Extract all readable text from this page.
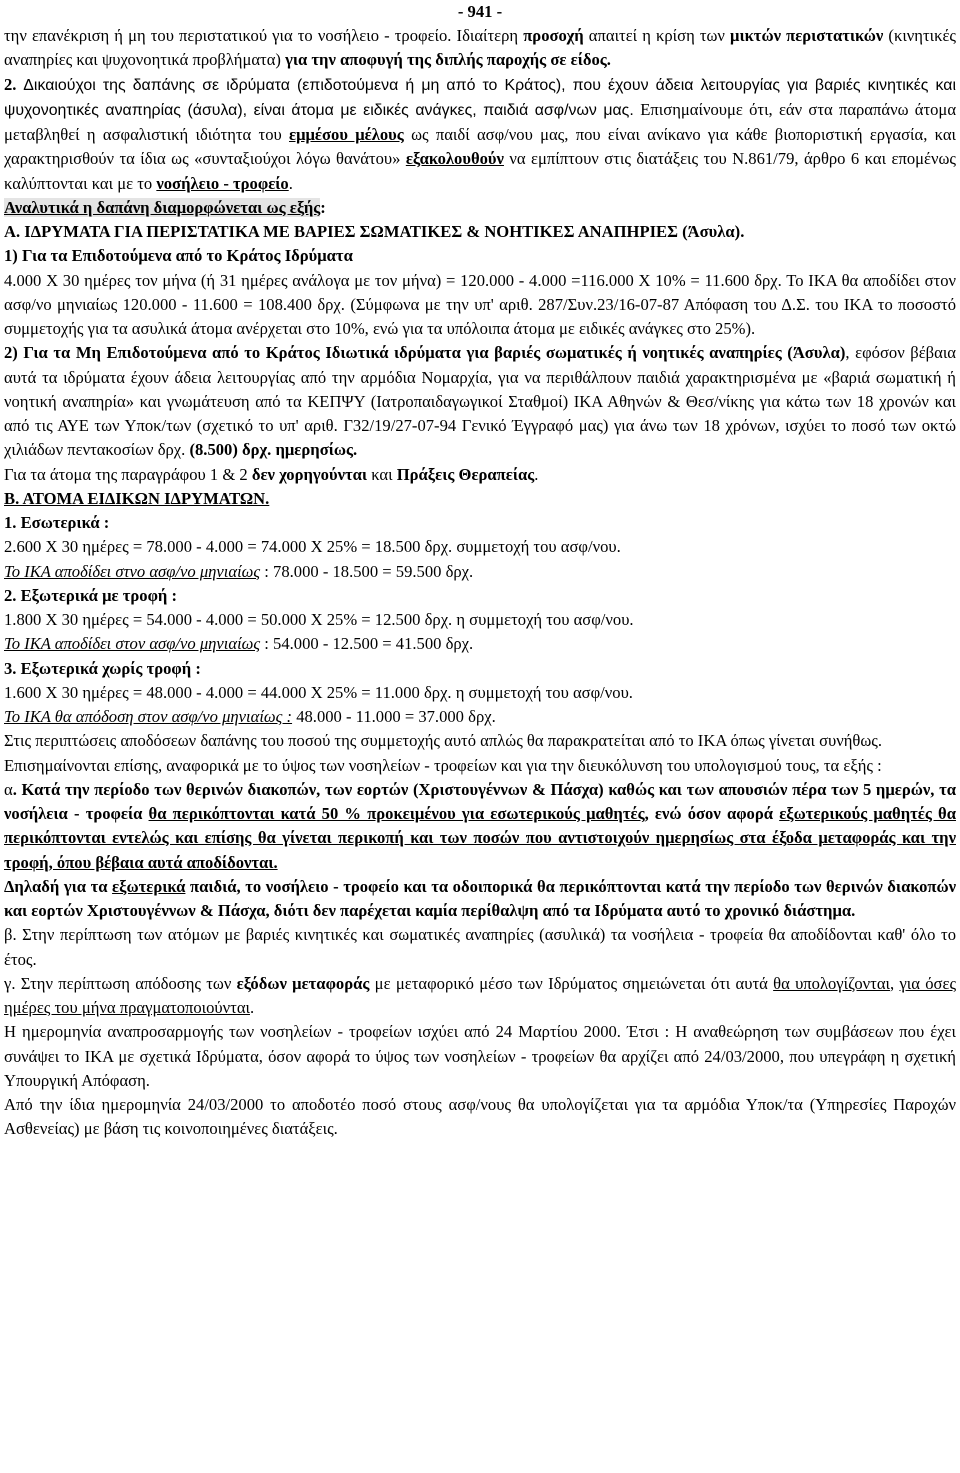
- 941 -

την επανέκριση ή μη του περιστατικού για το νοσήλειο - τροφείο. Ιδιαίτερη προσοχή απαιτεί η κρίση των μικτών περιστατικών (κινητικές αναπηρίες και ψυχονοητικά προβλήματα) για την αποφυγή της διπλής παροχής σε είδος.

2. Δικαιούχοι της δαπάνης σε ιδρύματα (επιδοτούμενα ή μη από το Κράτος), που έχουν άδεια λειτουργίας για βαριές κινητικές και ψυχονοητικές αναπηρίας (άσυλα), είναι άτομα με ειδικές ανάγκες, παιδιά ασφ/νων μας. Επισημαίνουμε ότι, εάν στα παραπάνω άτομα μεταβληθεί η ασφαλιστική ιδιότητα του εμμέσου μέλους ως παιδί ασφ/νου μας, που είναι ανίκανο για κάθε βιοποριστική εργασία, και χαρακτηρισθούν τα ίδια ως «συνταξιούχοι λόγω θανάτου» εξακολουθούν να εμπίπτουν στις διατάξεις του Ν.861/79, άρθρο 6 και επομένως καλύπτονται και με το νοσήλειο - τροφείο.

Αναλυτικά η δαπάνη διαμορφώνεται ως εξής:

Α. ΙΔΡΥΜΑΤΑ ΓΙΑ ΠΕΡΙΣΤΑΤΙΚΑ ΜΕ ΒΑΡΙΕΣ ΣΩΜΑΤΙΚΕΣ & ΝΟΗΤΙΚΕΣ ΑΝΑΠΗΡΙΕΣ (Άσυλα).

1) Για τα Επιδοτούμενα από το Κράτος Ιδρύματα

4.000 Χ 30 ημέρες τον μήνα (ή 31 ημέρες ανάλογα με τον μήνα) = 120.000 - 4.000 =116.000 Χ 10% = 11.600 δρχ. Το ΙΚΑ θα αποδίδει στον ασφ/νο μηνιαίως 120.000 - 11.600 = 108.400 δρχ. (Σύμφωνα με την υπ' αριθ. 287/Συν.23/16-07-87 Απόφαση του Δ.Σ. του ΙΚΑ το ποσοστό συμμετοχής για τα ασυλικά άτομα ανέρχεται στο 10%, ενώ για τα υπόλοιπα άτομα με ειδικές ανάγκες στο 25%).

2) Για τα Μη Επιδοτούμενα από το Κράτος Ιδιωτικά ιδρύματα για βαριές σωματικές ή νοητικές αναπηρίες (Άσυλα), εφόσον βέβαια αυτά τα ιδρύματα έχουν άδεια λειτουργίας από την αρμόδια Νομαρχία, για να περιθάλπουν παιδιά χαρακτηρισμένα με «βαριά σωματική ή νοητική αναπηρία» και γνωμάτευση από τα ΚΕΠΨΥ (Ιατροπαιδαγωγικοί Σταθμοί) ΙΚΑ Αθηνών & Θεσ/νίκης για κάτω των 18 χρονών και από τις ΑΥΕ των Υποκ/των (σχετικό το υπ' αριθ. Γ32/19/27-07-94 Γενικό Έγγραφό μας) για άνω των 18 χρόνων, ισχύει το ποσό των οκτώ χιλιάδων πεντακοσίων δρχ. (8.500) δρχ. ημερησίως.

Για τα άτομα της παραγράφου 1 & 2 δεν χορηγούνται και Πράξεις Θεραπείας.

Β. ΑΤΟΜΑ ΕΙΔΙΚΩΝ ΙΔΡΥΜΑΤΩΝ.

1. Εσωτερικά :

2.600 Χ 30 ημέρες = 78.000 - 4.000 = 74.000 Χ 25% = 18.500 δρχ. συμμετοχή του ασφ/νου.

Το ΙΚΑ αποδίδει στνο ασφ/νο μηνιαίως : 78.000 - 18.500 = 59.500 δρχ.

2. Εξωτερικά με τροφή :

1.800 Χ 30 ημέρες = 54.000 - 4.000 = 50.000 Χ 25% = 12.500 δρχ. η συμμετοχή του ασφ/νου.

Το ΙΚΑ αποδίδει στον ασφ/νο μηνιαίως : 54.000 - 12.500 = 41.500 δρχ.

3. Εξωτερικά χωρίς τροφή :

1.600 Χ 30 ημέρες = 48.000 - 4.000 = 44.000 Χ 25% = 11.000 δρχ. η συμμετοχή του ασφ/νου.

Το ΙΚΑ θα απόδοση στον ασφ/νο μηνιαίως : 48.000 - 11.000 = 37.000 δρχ.

Στις περιπτώσεις αποδόσεων δαπάνης του ποσού της συμμετοχής αυτό απλώς θα παρακρατείται από το ΙΚΑ όπως γίνεται συνήθως.

Επισημαίνονται επίσης, αναφορικά με το ύψος των νοσηλείων - τροφείων και για την διευκόλυνση του υπολογισμού τους, τα εξής :

α. Κατά την περίοδο των θερινών διακοπών, των εορτών (Χριστουγέννων & Πάσχα) καθώς και των απουσιών πέρα των 5 ημερών, τα νοσήλεια - τροφεία θα περικόπτονται κατά 50 % προκειμένου για εσωτερικούς μαθητές, ενώ όσον αφορά εξωτερικούς μαθητές θα περικόπτονται εντελώς και επίσης θα γίνεται περικοπή και των ποσών που αντιστοιχούν ημερησίως στα έξοδα μεταφοράς και την τροφή, όπου βέβαια αυτά αποδίδονται.

Δηλαδή για τα εξωτερικά παιδιά, το νοσήλειο - τροφείο και τα οδοιπορικά θα περικόπτονται κατά την περίοδο των θερινών διακοπών και εορτών Χριστουγέννων & Πάσχα, διότι δεν παρέχεται καμία περίθαλψη από τα Ιδρύματα αυτό το χρονικό διάστημα.

β. Στην περίπτωση των ατόμων με βαριές κινητικές και σωματικές αναπηρίες (ασυλικά) τα νοσήλεια - τροφεία θα αποδίδονται καθ' όλο το έτος.

γ. Στην περίπτωση απόδοσης των εξόδων μεταφοράς με μεταφορικό μέσο των Ιδρύματος σημειώνεται ότι αυτά θα υπολογίζονται, για όσες ημέρες του μήνα πραγματοποιούνται.

Η ημερομηνία αναπροσαρμογής των νοσηλείων - τροφείων ισχύει από 24 Μαρτίου 2000. Έτσι : Η αναθεώρηση των συμβάσεων που έχει συνάψει το ΙΚΑ με σχετικά Ιδρύματα, όσον αφορά το ύψος των νοσηλείων - τροφείων θα αρχίζει από 24/03/2000, που υπεγράφη η σχετική Υπουργική Απόφαση.

Από την ίδια ημερομηνία 24/03/2000 το αποδοτέο ποσό στους ασφ/νους θα υπολογίζεται για τα αρμόδια Υποκ/τα (Υπηρεσίες Παροχών Ασθενείας) με βάση τις κοινοποιημένες διατάξεις.
